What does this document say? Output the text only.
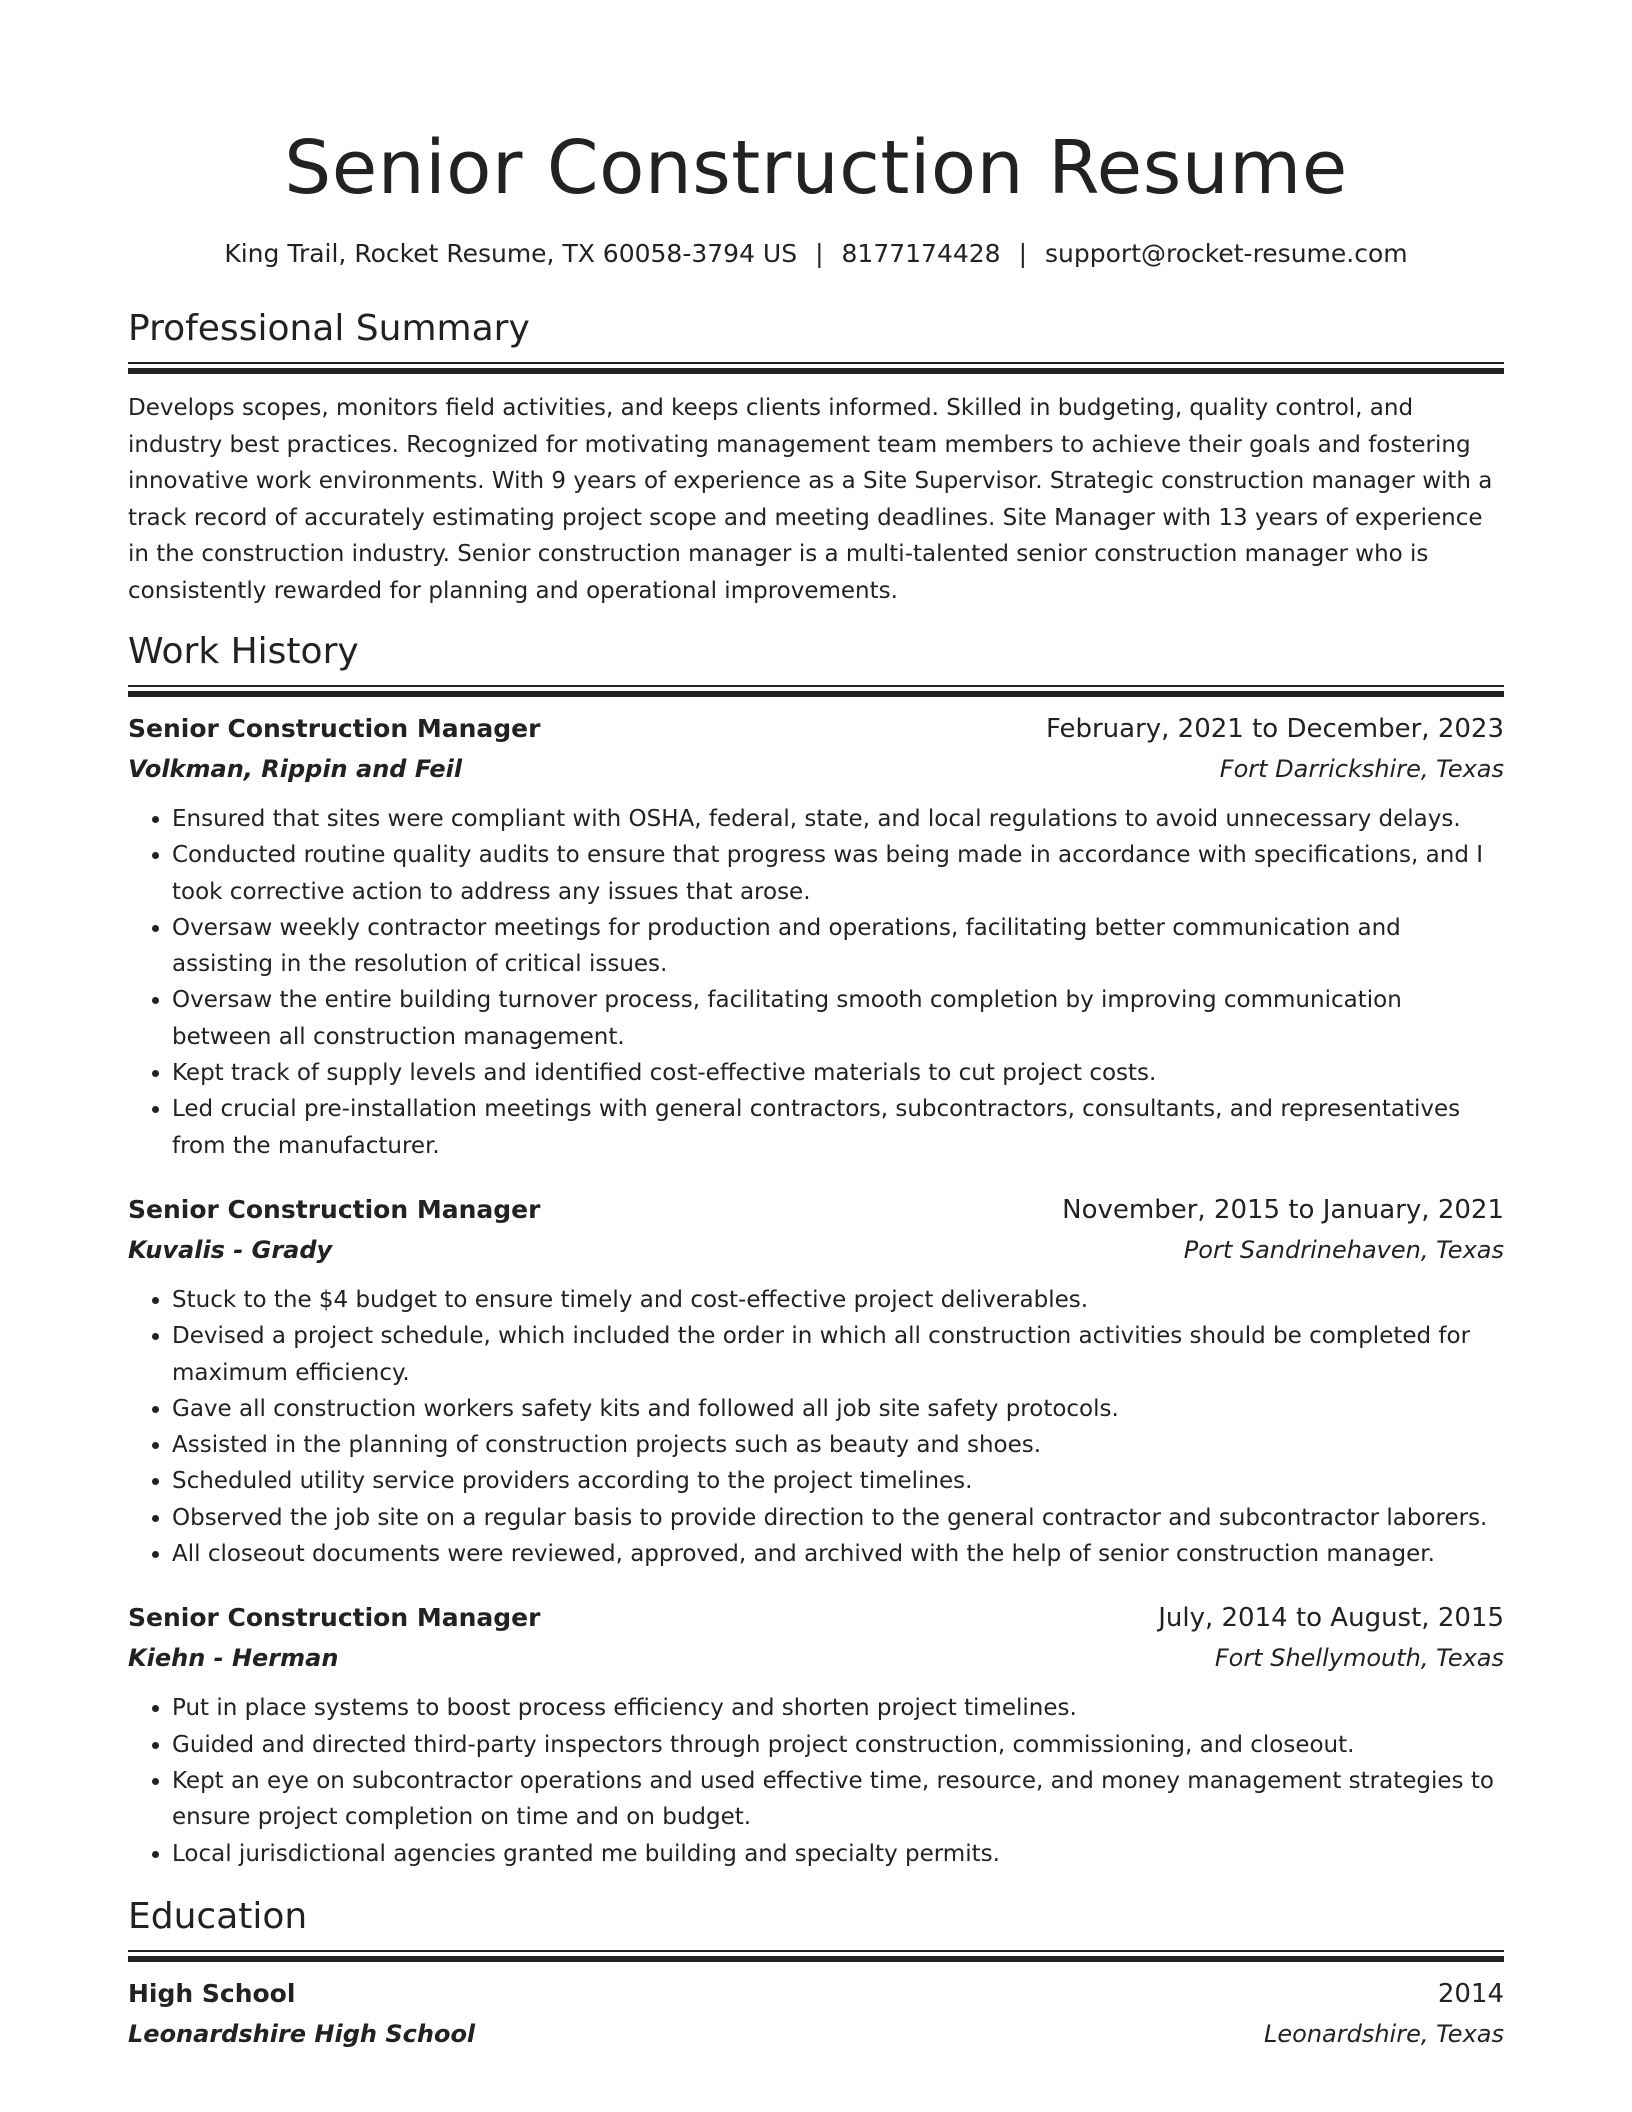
Senior Construction Resume
King Trail, Rocket Resume, TX 60058-3794 US | 8177174428 | support@rocket-resume.com
Professional Summary

Develops scopes, monitors field activities, and keeps clients informed. Skilled in budgeting, quality control, and industry best practices. Recognized for motivating management team members to achieve their goals and fostering innovative work environments. With 9 years of experience as a Site Supervisor. Strategic construction manager with a track record of accurately estimating project scope and meeting deadlines. Site Manager with 13 years of experience in the construction industry. Senior construction manager is a multi-talented senior construction manager who is consistently rewarded for planning and operational improvements.

Work History
Senior Construction Manager	February, 2021 to December, 2023
Volkman, Rippin and Feil	Fort Darrickshire, Texas
• Ensured that sites were compliant with OSHA, federal, state, and local regulations to avoid unnecessary delays.
• Conducted routine quality audits to ensure that progress was being made in accordance with specifications, and I took corrective action to address any issues that arose.
• Oversaw weekly contractor meetings for production and operations, facilitating better communication and assisting in the resolution of critical issues.
• Oversaw the entire building turnover process, facilitating smooth completion by improving communication between all construction management.
• Kept track of supply levels and identified cost-effective materials to cut project costs.
• Led crucial pre-installation meetings with general contractors, subcontractors, consultants, and representatives from the manufacturer.
Senior Construction Manager	November, 2015 to January, 2021
Kuvalis - Grady	Port Sandrinehaven, Texas
• Stuck to the $4 budget to ensure timely and cost-effective project deliverables.
• Devised a project schedule, which included the order in which all construction activities should be completed for maximum efficiency.
• Gave all construction workers safety kits and followed all job site safety protocols.
• Assisted in the planning of construction projects such as beauty and shoes.
• Scheduled utility service providers according to the project timelines.
• Observed the job site on a regular basis to provide direction to the general contractor and subcontractor laborers.
• All closeout documents were reviewed, approved, and archived with the help of senior construction manager.
Senior Construction Manager	July, 2014 to August, 2015
Kiehn - Herman	Fort Shellymouth, Texas
• Put in place systems to boost process efficiency and shorten project timelines.
• Guided and directed third-party inspectors through project construction, commissioning, and closeout.
• Kept an eye on subcontractor operations and used effective time, resource, and money management strategies to ensure project completion on time and on budget.
• Local jurisdictional agencies granted me building and specialty permits.
Education
High School	2014
Leonardshire High School	Leonardshire, Texas
